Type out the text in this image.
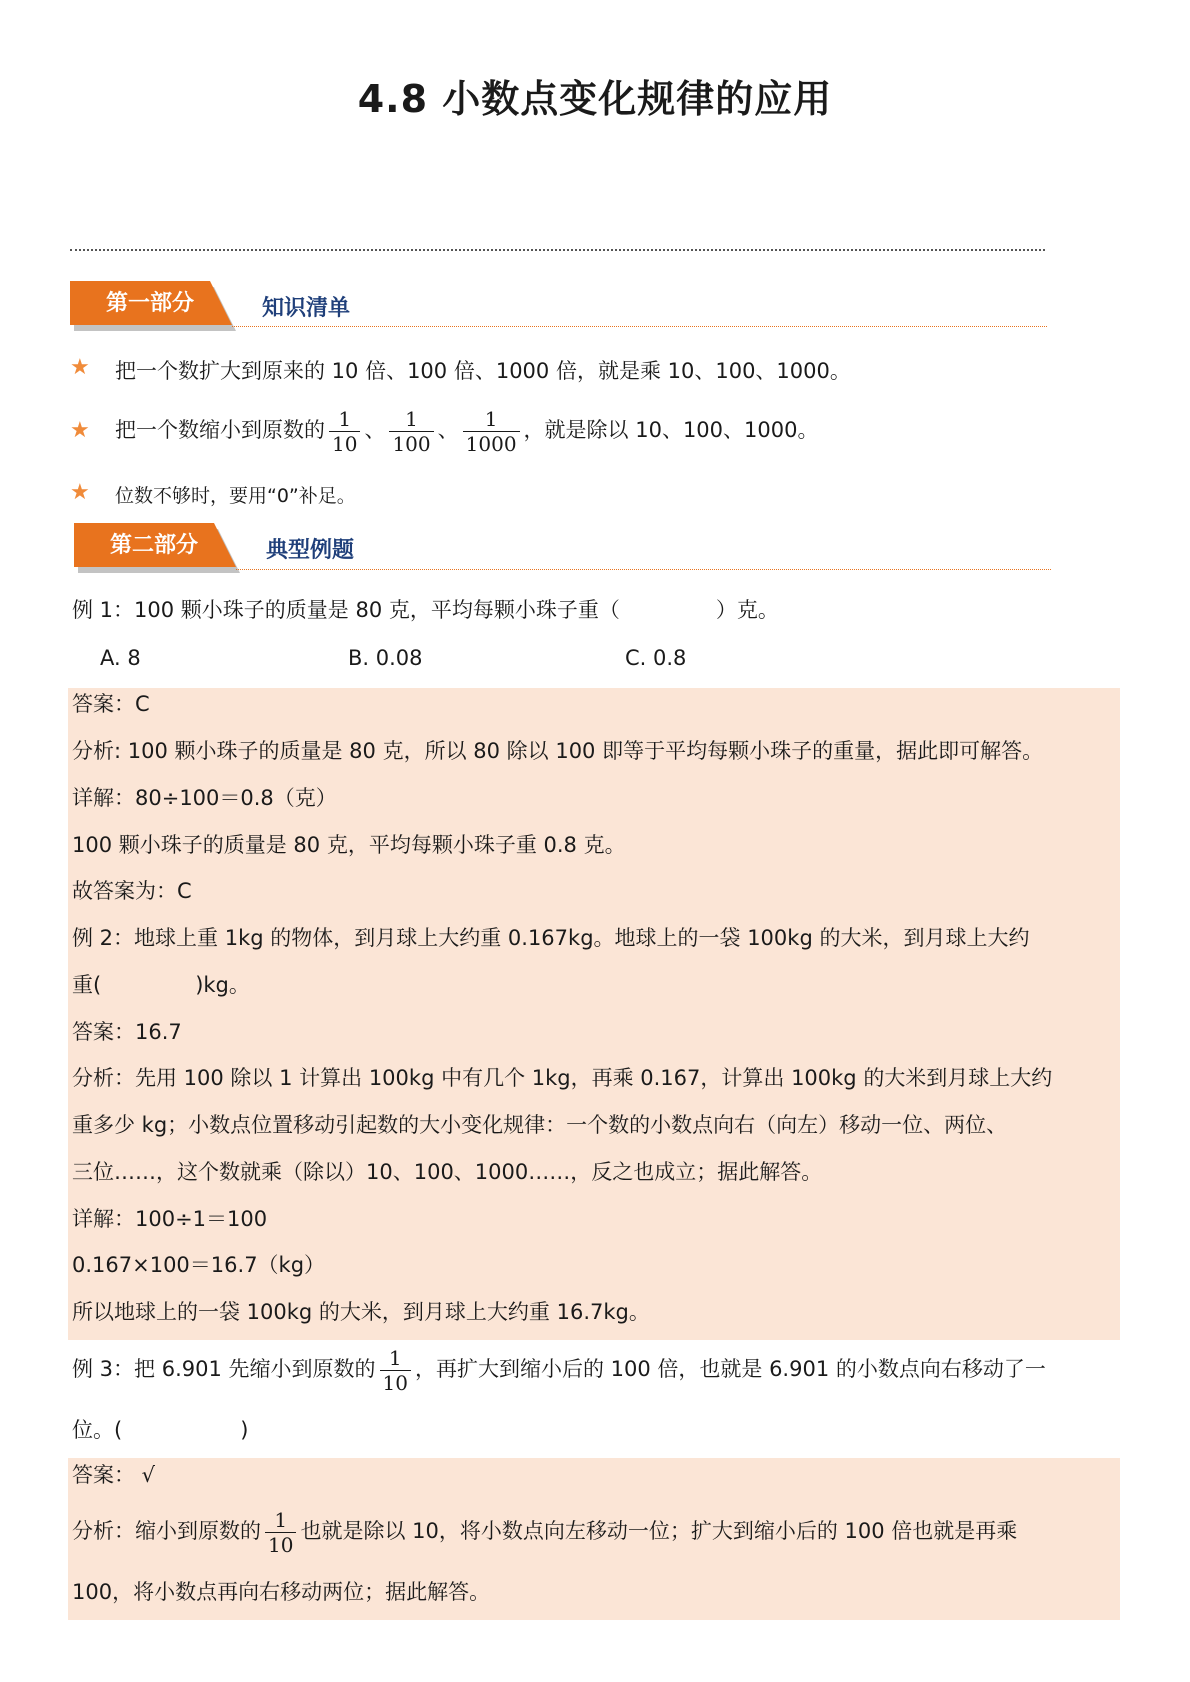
4.8 小数点变化规律的应用
第一部分	知识清单
★ 把一个数扩大到原来的 10 倍、100 倍、1000 倍，就是乘 10、100、1000。
★ 把一个数缩小到原数的 $\frac{1}{10}$ 、 $\frac{1}{100}$ 、 $\frac{1}{1000}$ ，就是除以 10、100、1000。
★ 位数不够时，要用“0”补足。
第二部分	典型例题
例 1：100 颗小珠子的质量是 80 克，平均每颗小珠子重（	）克。
A. 8	B. 0.08	C. 0.8
答案：C
分析: 100 颗小珠子的质量是 80 克，所以 80 除以 100 即等于平均每颗小珠子的重量，据此即可解答。
详解：80÷100＝0.8（克）
100 颗小珠子的质量是 80 克，平均每颗小珠子重 0.8 克。
故答案为：C
例 2：地球上重 1kg 的物体，到月球上大约重 0.167kg。地球上的一袋 100kg 的大米，到月球上大约
重(	)kg。
答案：16.7
分析：先用 100 除以 1 计算出 100kg 中有几个 1kg，再乘 0.167，计算出 100kg 的大米到月球上大约
重多少 kg；小数点位置移动引起数的大小变化规律：一个数的小数点向右（向左）移动一位、两位、
三位……，这个数就乘（除以）10、100、1000……，反之也成立；据此解答。
详解：100÷1＝100
0.167×100＝16.7（kg）
所以地球上的一袋 100kg 的大米，到月球上大约重 16.7kg。
例 3：把 6.901 先缩小到原数的 $\frac{1}{10}$ ，再扩大到缩小后的 100 倍，也就是 6.901 的小数点向右移动了一
位。(	)
答案： √
分析：缩小到原数的 $\frac{1}{10}$ 也就是除以 10，将小数点向左移动一位；扩大到缩小后的 100 倍也就是再乘
100，将小数点再向右移动两位；据此解答。
